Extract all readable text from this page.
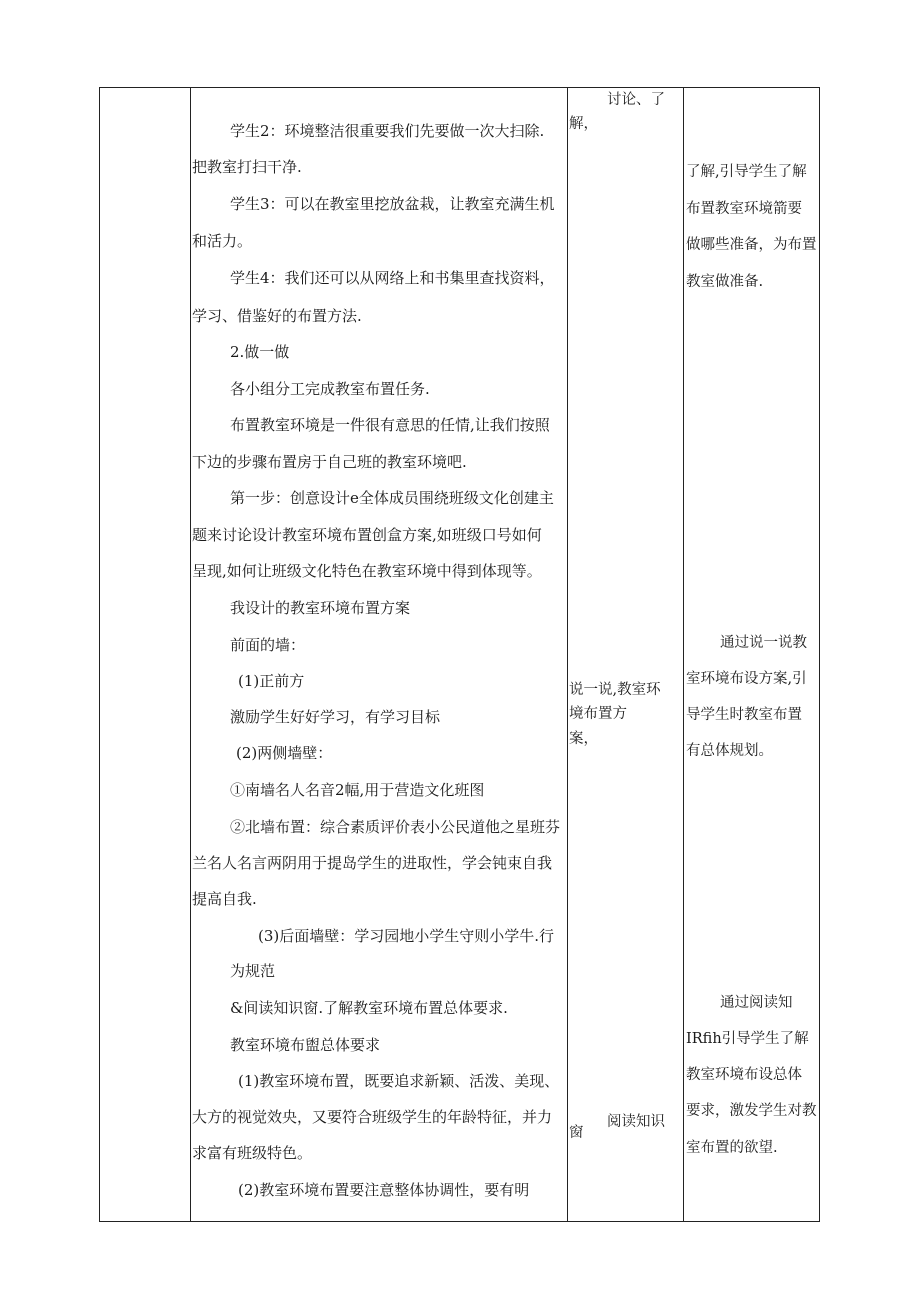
学生2：环境整洁很重要我们先要做一次大扫除.
把教室打扫干净.
学生3：可以在教室里挖放盆栽，让教室充满生机
和活力。
学生4：我们还可以从网络上和书集里查找资料，
学习、借鉴好的布置方法.
2.做一做
各小组分工完成教室布置任务.
布置教室环境是一件很有意思的任情,让我们按照
下边的步骤布置房于自己班的教室环境吧.
第一步：创意设计e全体成员围绕班级文化创建主
题来讨论设计教室环境布置创盒方案,如班级口号如何
呈现,如何让班级文化特色在教室环境中得到体现等。
我设计的教室环境布置方案
前面的墙：
(1)正前方
激励学生好好学习，有学习目标
(2)两侧墙壁：
①南墙名人名音2幅,用于营造文化班图
②北墙布置：综合素质评价表小公民道他之星班芬
兰名人名言两阴用于提岛学生的进取性，学会钝束自我
提高自我.
(3)后面墙壁：学习园地小学生守则小学牛.行
为规范
&间读知识窗.了解教室环境布置总体要求.
教室环境布盥总体要求
(1)教室环境布置，既要追求新颖、活泼、美现、
大方的视觉效央，又要符合班级学生的年龄特征，并力
求富有班级特色。
(2)教室环境布置要注意整体协调性，要有明
讨论、了
解，
说一说,教室环
境布置方
案，
阅读知识
窗
了解,引导学生了解
布置教室环境箭要
做哪些准备，为布置
教室做准备.
通过说一说教
室环境布设方案,引
导学生时教室布置
有总体规划。
通过阅读知
IRfih引导学生了解
教室环境布设总体
要求，激发学生对教
室布置的欲望.
